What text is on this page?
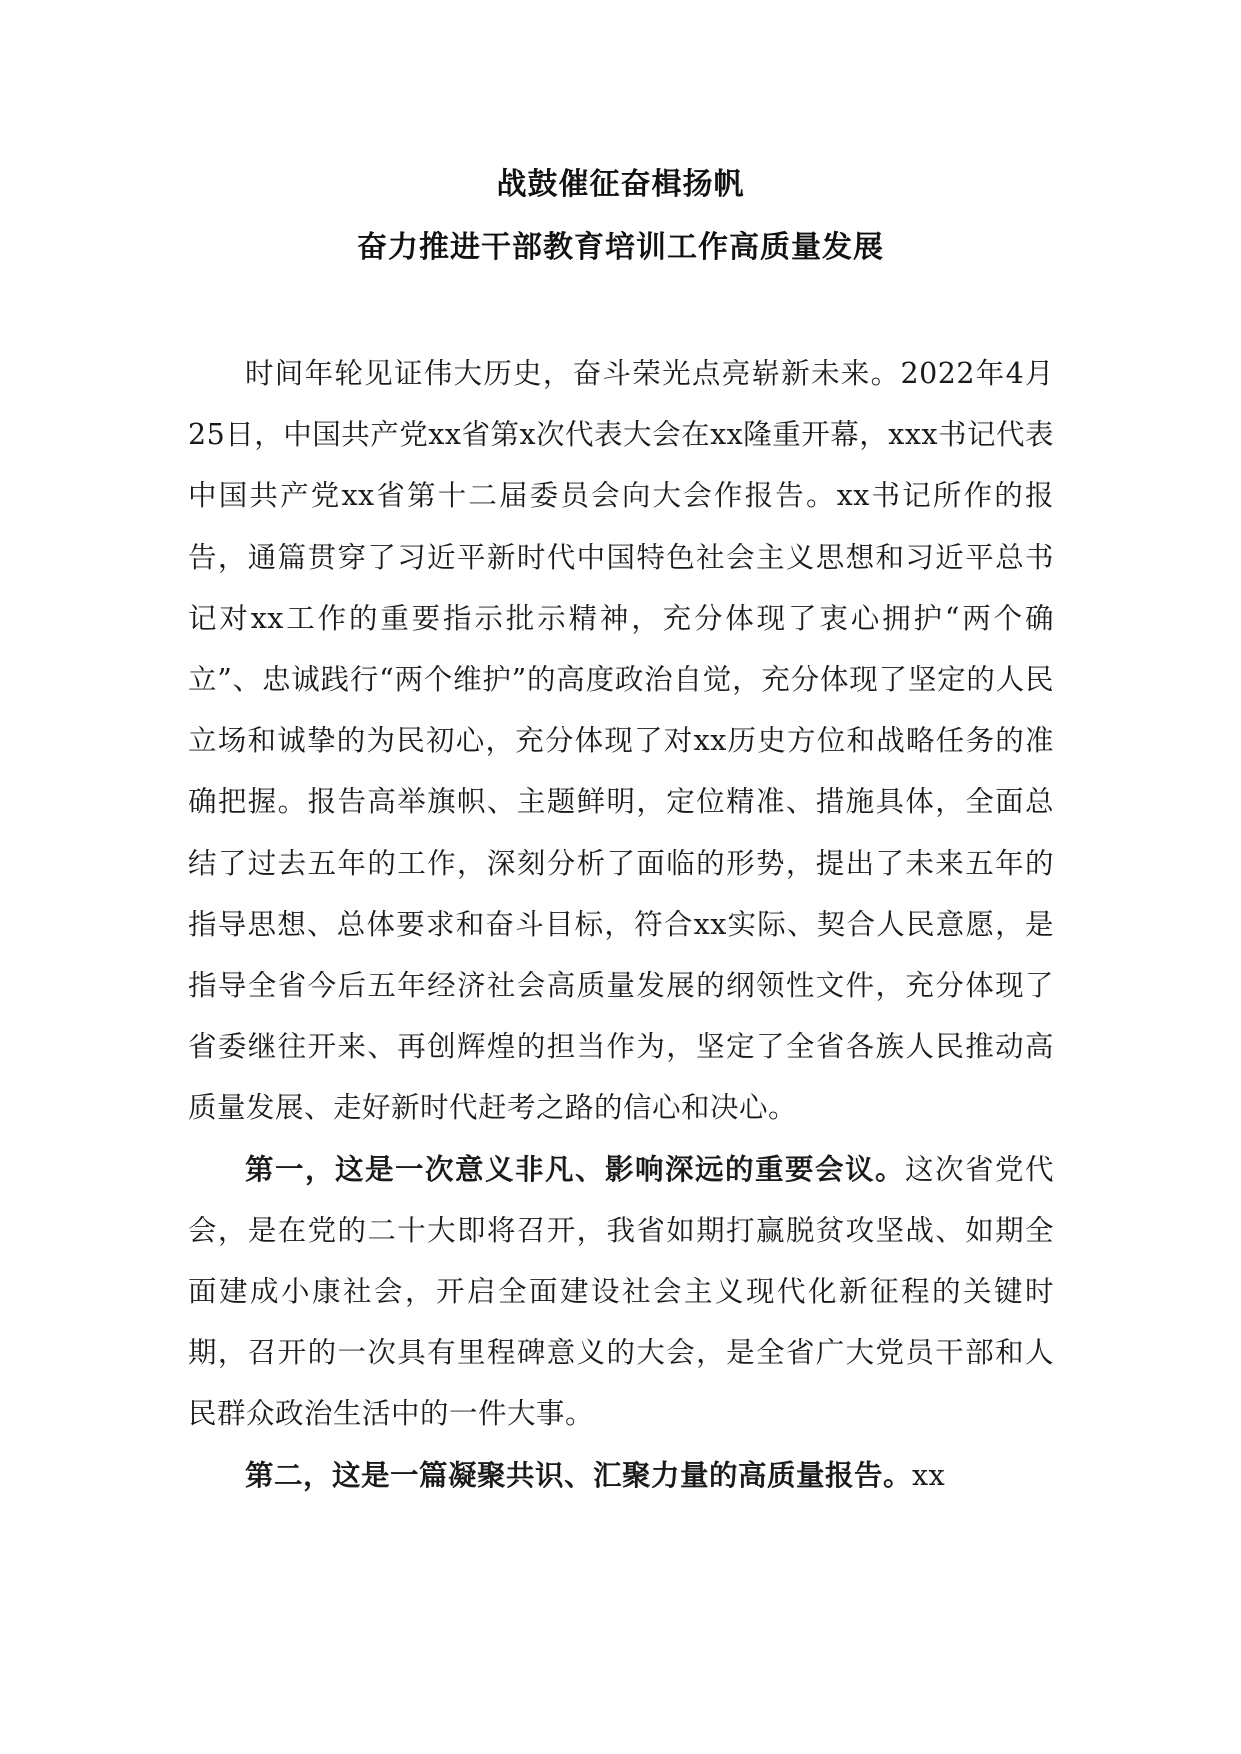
战鼓催征奋楫扬帆
奋力推进干部教育培训工作高质量发展

时间年轮见证伟大历史，奋斗荣光点亮崭新未来。2022年4月25日，中国共产党xx省第x次代表大会在xx隆重开幕，xxx书记代表中国共产党xx省第十二届委员会向大会作报告。xx书记所作的报告，通篇贯穿了习近平新时代中国特色社会主义思想和习近平总书记对xx工作的重要指示批示精神，充分体现了衷心拥护“两个确立”、忠诚践行“两个维护”的高度政治自觉，充分体现了坚定的人民立场和诚挚的为民初心，充分体现了对xx历史方位和战略任务的准确把握。报告高举旗帜、主题鲜明，定位精准、措施具体，全面总结了过去五年的工作，深刻分析了面临的形势，提出了未来五年的指导思想、总体要求和奋斗目标，符合xx实际、契合人民意愿，是指导全省今后五年经济社会高质量发展的纲领性文件，充分体现了省委继往开来、再创辉煌的担当作为，坚定了全省各族人民推动高质量发展、走好新时代赶考之路的信心和决心。

第一，这是一次意义非凡、影响深远的重要会议。这次省党代会，是在党的二十大即将召开，我省如期打赢脱贫攻坚战、如期全面建成小康社会，开启全面建设社会主义现代化新征程的关键时期，召开的一次具有里程碑意义的大会，是全省广大党员干部和人民群众政治生活中的一件大事。

第二，这是一篇凝聚共识、汇聚力量的高质量报告。xx
